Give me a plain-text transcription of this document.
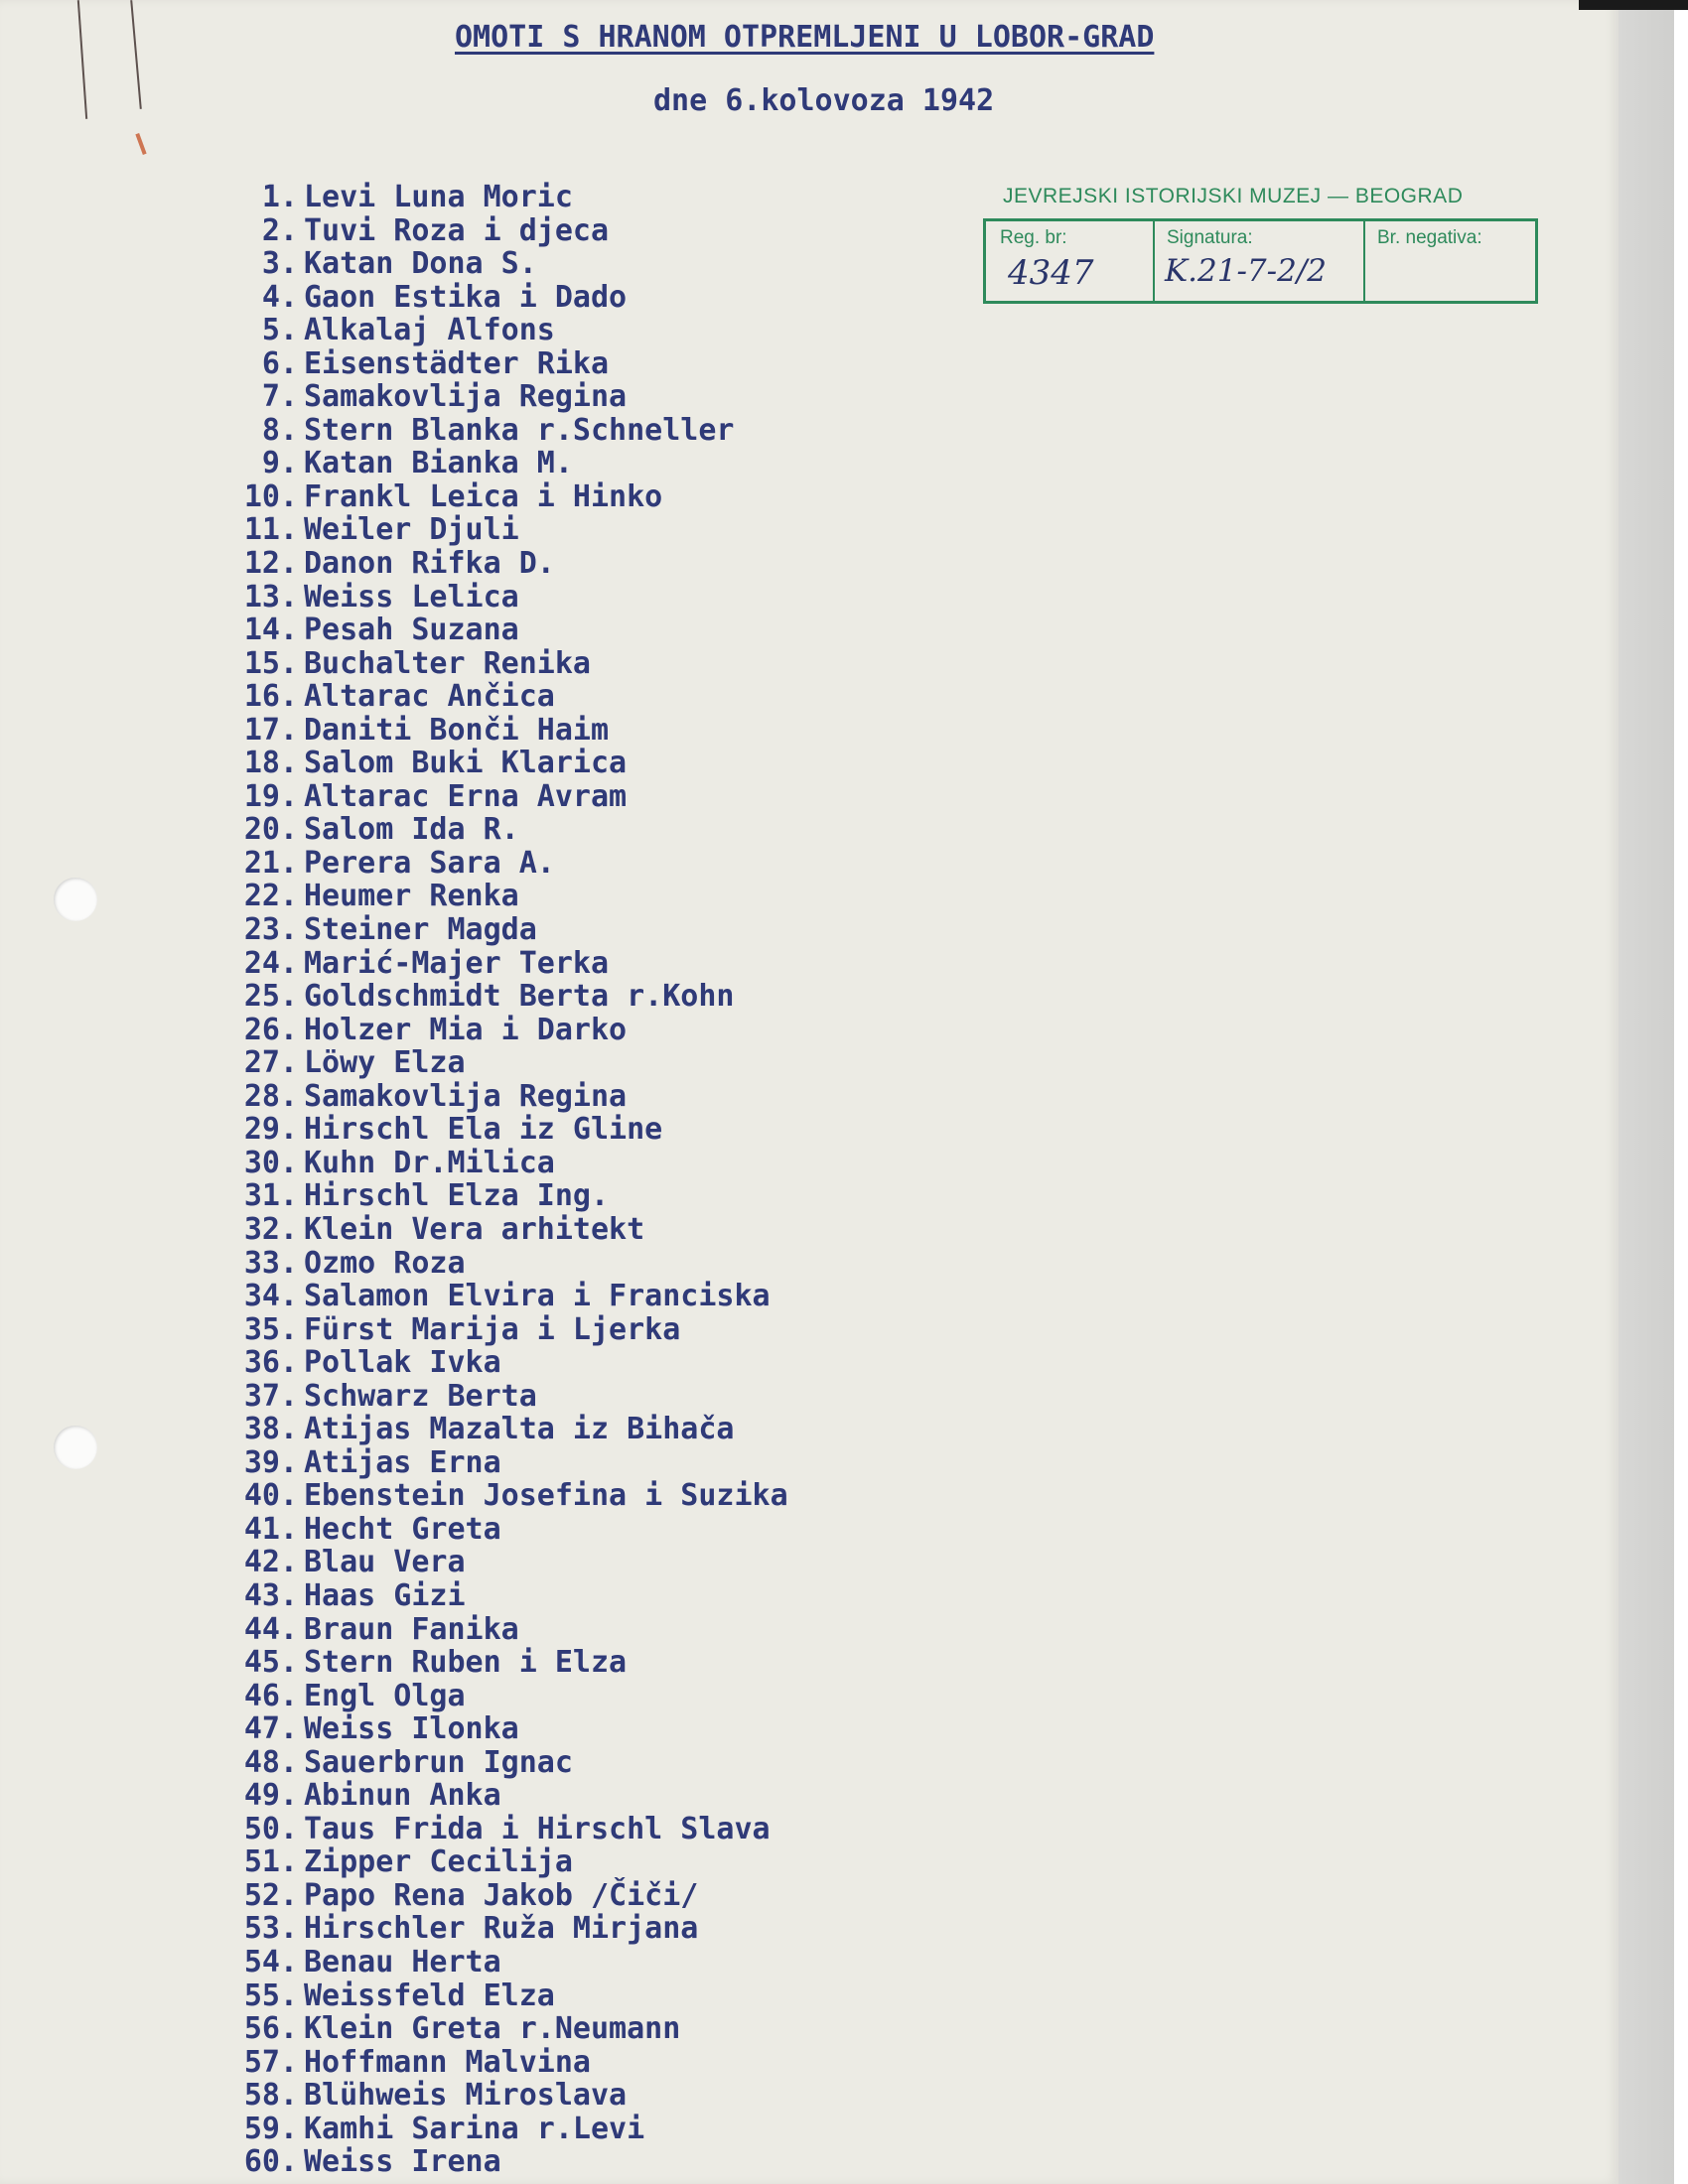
OMOTI S HRANOM OTPREMLJENI U LOBOR-GRAD
dne 6.kolovoza 1942
JEVREJSKI ISTORIJSKI MUZEJ — BEOGRAD
Reg. br:
4347
Signatura:
K.21-7-2/2
Br. negativa:
1. Levi Luna Moric
2. Tuvi Roza i djeca
3. Katan Dona S.
4. Gaon Estika i Dado
5. Alkalaj Alfons
6. Eisenstädter Rika
7. Samakovlija Regina
8. Stern Blanka r.Schneller
9. Katan Bianka M.
10. Frankl Leica i Hinko
11. Weiler Djuli
12. Danon Rifka D.
13. Weiss Lelica
14. Pesah Suzana
15. Buchalter Renika
16. Altarac Ančica
17. Daniti Bonči Haim
18. Salom Buki Klarica
19. Altarac Erna Avram
20. Salom Ida R.
21. Perera Sara A.
22. Heumer Renka
23. Steiner Magda
24. Marić-Majer Terka
25. Goldschmidt Berta r.Kohn
26. Holzer Mia i Darko
27. Löwy Elza
28. Samakovlija Regina
29. Hirschl Ela iz Gline
30. Kuhn Dr.Milica
31. Hirschl Elza Ing.
32. Klein Vera arhitekt
33. Ozmo Roza
34. Salamon Elvira i Franciska
35. Fürst Marija i Ljerka
36. Pollak Ivka
37. Schwarz Berta
38. Atijas Mazalta iz Bihača
39. Atijas Erna
40. Ebenstein Josefina i Suzika
41. Hecht Greta
42. Blau Vera
43. Haas Gizi
44. Braun Fanika
45. Stern Ruben i Elza
46. Engl Olga
47. Weiss Ilonka
48. Sauerbrun Ignac
49. Abinun Anka
50. Taus Frida i Hirschl Slava
51. Zipper Cecilija
52. Papo Rena Jakob /Čiči/
53. Hirschler Ruža Mirjana
54. Benau Herta
55. Weissfeld Elza
56. Klein Greta r.Neumann
57. Hoffmann Malvina
58. Blühweis Miroslava
59. Kamhi Sarina r.Levi
60. Weiss Irena
